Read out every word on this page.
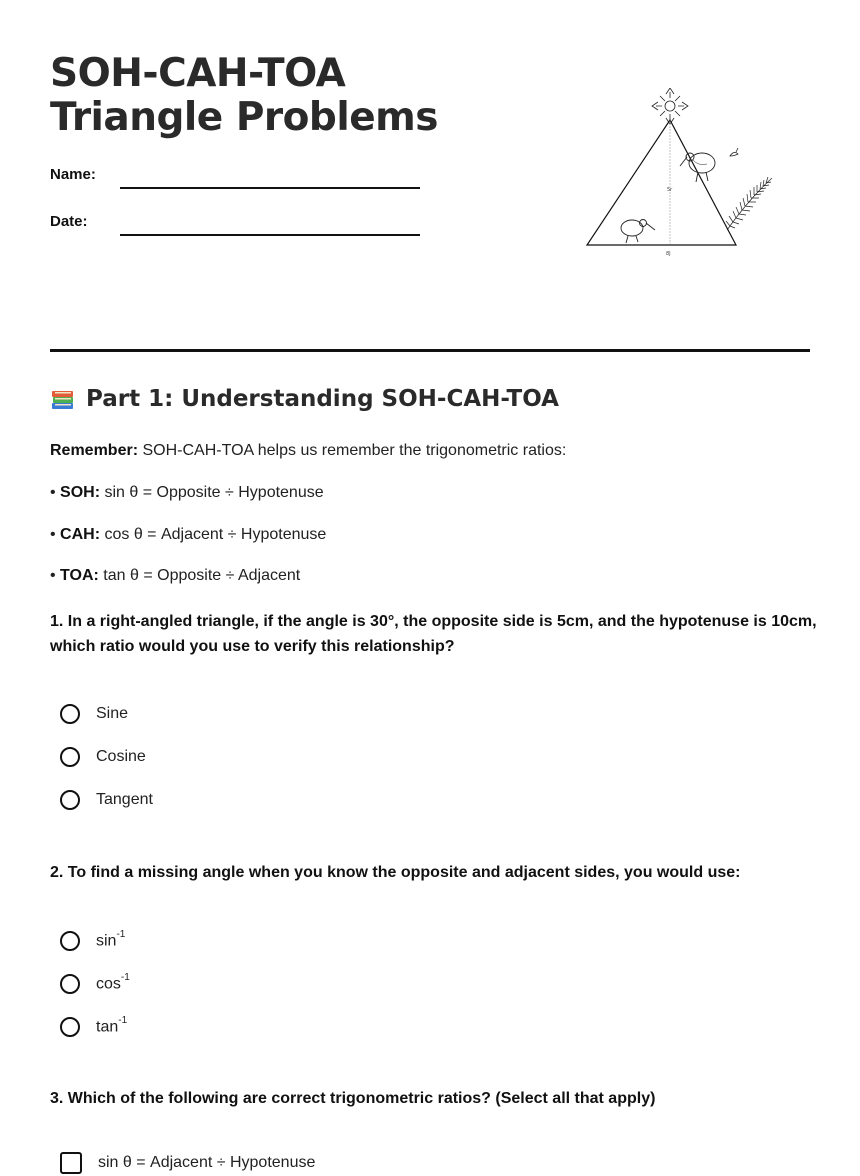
SOH-CAH-TOA Triangle Problems
Name:
Date:
5r
8J
Part 1: Understanding SOH-CAH-TOA
Remember: SOH-CAH-TOA helps us remember the trigonometric ratios:
• SOH: sin θ = Opposite ÷ Hypotenuse
• CAH: cos θ = Adjacent ÷ Hypotenuse
• TOA: tan θ = Opposite ÷ Adjacent
1. In a right-angled triangle, if the angle is 30°, the opposite side is 5cm, and the hypotenuse is 10cm, which ratio would you use to verify this relationship?
Sine
Cosine
Tangent
2. To find a missing angle when you know the opposite and adjacent sides, you would use:
$\sin^{-1}$
$\cos^{-1}$
$\tan^{-1}$
3. Which of the following are correct trigonometric ratios? (Select all that apply)
sin θ = Adjacent ÷ Hypotenuse
